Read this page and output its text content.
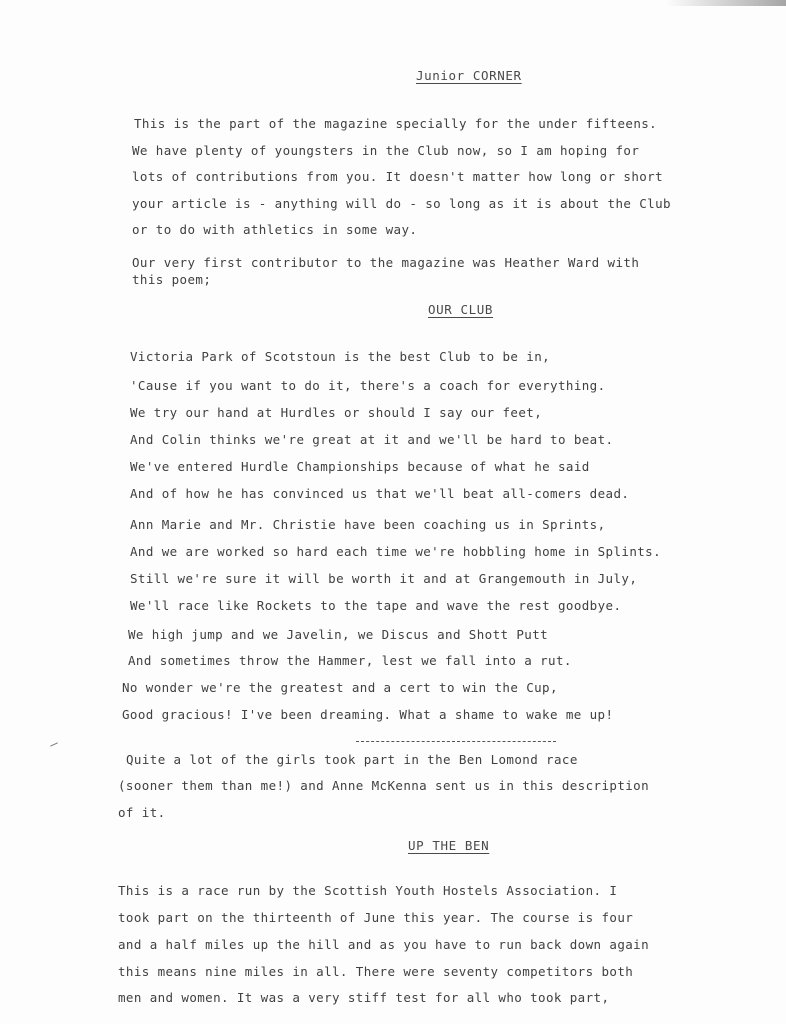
Junior CORNER
This is the part of the magazine specially for the under fifteens.
We have plenty of youngsters in the Club now, so I am hoping for
lots of contributions from you. It doesn't matter how long or short
your article is - anything will do - so long as it is about the Club
or to do with athletics in some way.
Our very first contributor to the magazine was Heather Ward with
this poem;
OUR CLUB
Victoria Park of Scotstoun is the best Club to be in,
'Cause if you want to do it, there's a coach for everything.
We try our hand at Hurdles or should I say our feet,
And Colin thinks we're great at it and we'll be hard to beat.
We've entered Hurdle Championships because of what he said
And of how he has convinced us that we'll beat all-comers dead.
Ann Marie and Mr. Christie have been coaching us in Sprints,
And we are worked so hard each time we're hobbling home in Splints.
Still we're sure it will be worth it and at Grangemouth in July,
We'll race like Rockets to the tape and wave the rest goodbye.
We high jump and we Javelin, we Discus and Shott Putt
And sometimes throw the Hammer, lest we fall into a rut.
No wonder we're the greatest and a cert to win the Cup,
Good gracious! I've been dreaming. What a shame to wake me up!
Quite a lot of the girls took part in the Ben Lomond race
(sooner them than me!) and Anne McKenna sent us in this description
of it.
UP THE BEN
This is a race run by the Scottish Youth Hostels Association. I
took part on the thirteenth of June this year. The course is four
and a half miles up the hill and as you have to run back down again
this means nine miles in all. There were seventy competitors both
men and women. It was a very stiff test for all who took part,
